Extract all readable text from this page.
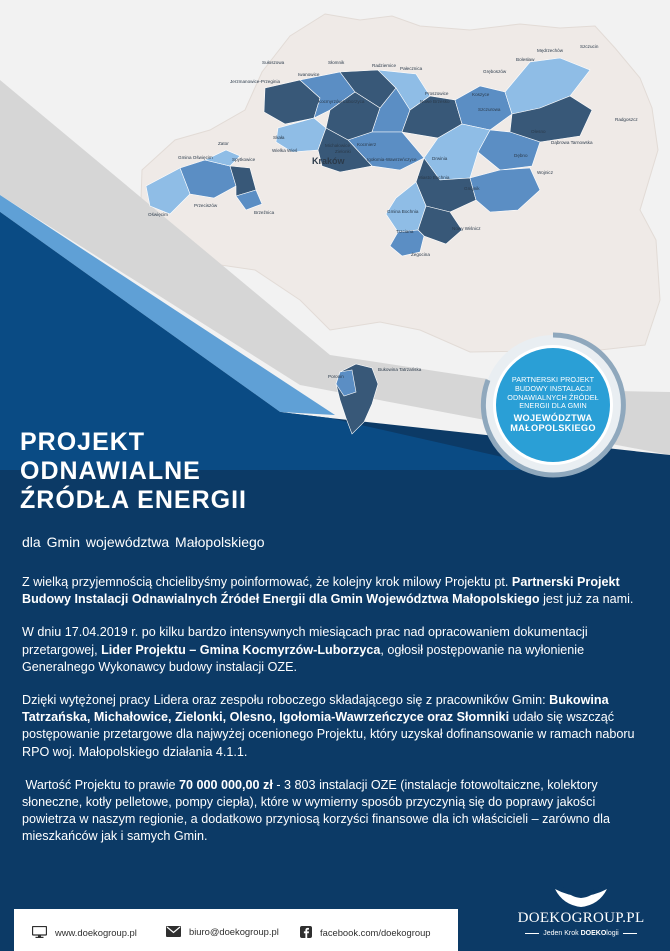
Sułoszowa	Słomnik
Radziemice
Pałecznica
Iwanowice
Jerzmanowice-Przeginia
Kocmyrzów-Luborzyca
Proszowice
Nowe Brzesko
Mędrzechów
Szczucin
Bolesław
Gręboszów
Koszyce
Szczurowa
Radgoszcz
Olesno
Dąbrowa Tarnowska
Zator
Gmina Oświęcim	Spytkowice
Skała
Wielka Wieś
Michałowice
Zielonki
Kocmierz
Igołomia-Wawrzeńczyce	Drwinia
Miasto Bochnia
Dębno
Wojnicz
Gnojnik
Przeciszów
Brzeźnica
Oświęcim
Gmina Bochnia
Nowy Wiśnicz
Trzciana
Żegocina
Poronin
Bukowina Tatrzańska
Kraków
PARTNERSKI PROJEKT BUDOWY INSTALACJI ODNAWIALNYCH ŹRÓDEŁ ENERGII DLA GMIN
WOJEWÓDZTWA MAŁOPOLSKIEGO
PROJEKT
ODNAWIALNE
ŹRÓDŁA ENERGII
dla Gmin województwa Małopolskiego

Z wielką przyjemnością chcielibyśmy poinformować, że kolejny krok milowy Projektu pt. Partnerski Projekt Budowy Instalacji Odnawialnych Źródeł Energii dla Gmin Województwa Małopolskiego jest już za nami.

W dniu 17.04.2019 r. po kilku bardzo intensywnych miesiącach prac nad opracowaniem dokumentacji przetargowej, Lider Projektu – Gmina Kocmyrzów-Luborzyca, ogłosił postępowanie na wyłonienie Generalnego Wykonawcy budowy instalacji OZE.

Dzięki wytężonej pracy Lidera oraz zespołu roboczego składającego się z pracowników Gmin: Bukowina Tatrzańska, Michałowice, Zielonki, Olesno, Igołomia-Wawrzeńczyce oraz Słomniki udało się wszcząć postępowanie przetargowe dla najwyżej ocenionego Projektu, który uzyskał dofinansowanie w ramach naboru RPO woj. Małopolskiego działania 4.1.1.

Wartość Projektu to prawie 70 000 000,00 zł - 3 803 instalacji OZE (instalacje fotowoltaiczne, kolektory słoneczne, kotły pelletowe, pompy ciepła), które w wymierny sposób przyczynią się do poprawy jakości powietrza w naszym regionie, a dodatkowo przyniosą korzyści finansowe dla ich właścicieli – zarówno dla mieszkańców jak i samych Gmin.

www.doekogroup.pl	biuro@doekogroup.pl	facebook.com/doekogroup
DOEKOGROUP.PL
Jeden Krok DOEKOlogii
